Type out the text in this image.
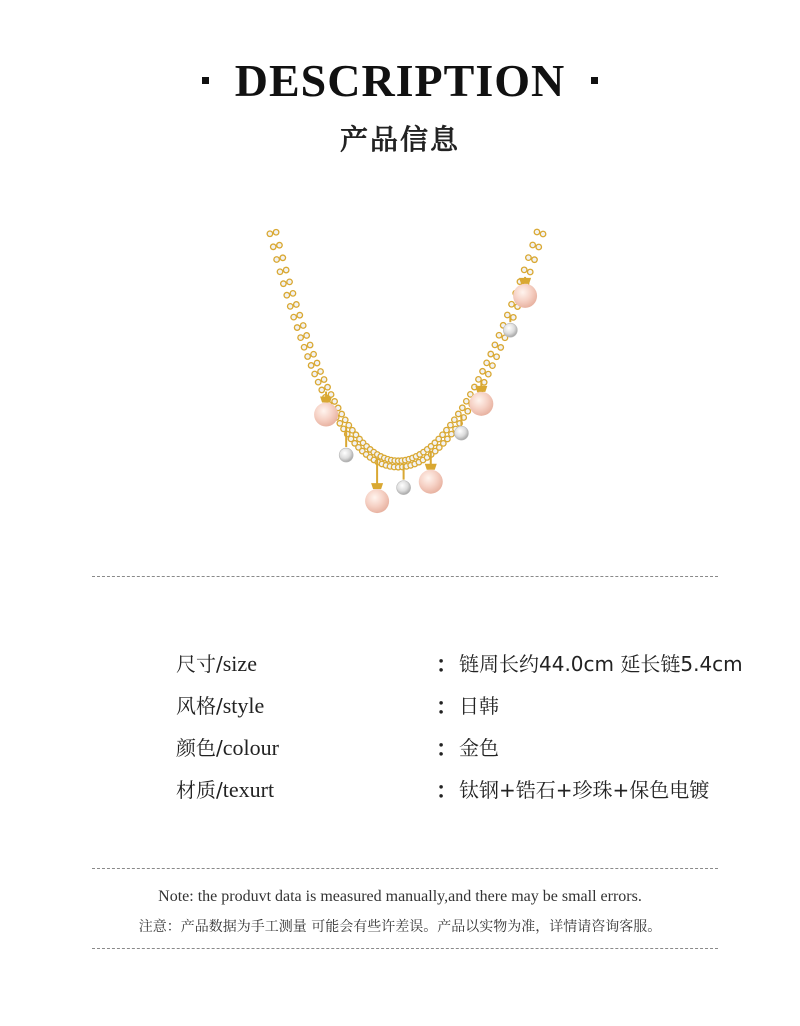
DESCRIPTION
产品信息
尺寸/size	： 链周长约44.0cm 延长链5.4cm
风格/style	： 日韩
颜色/colour	： 金色
材质/texurt	： 钛钢+锆石+珍珠+保色电镀
Note: the produvt data is measured manually,and there may be small errors.
注意：产品数据为手工测量 可能会有些许差误。产品以实物为准，详情请咨询客服。
